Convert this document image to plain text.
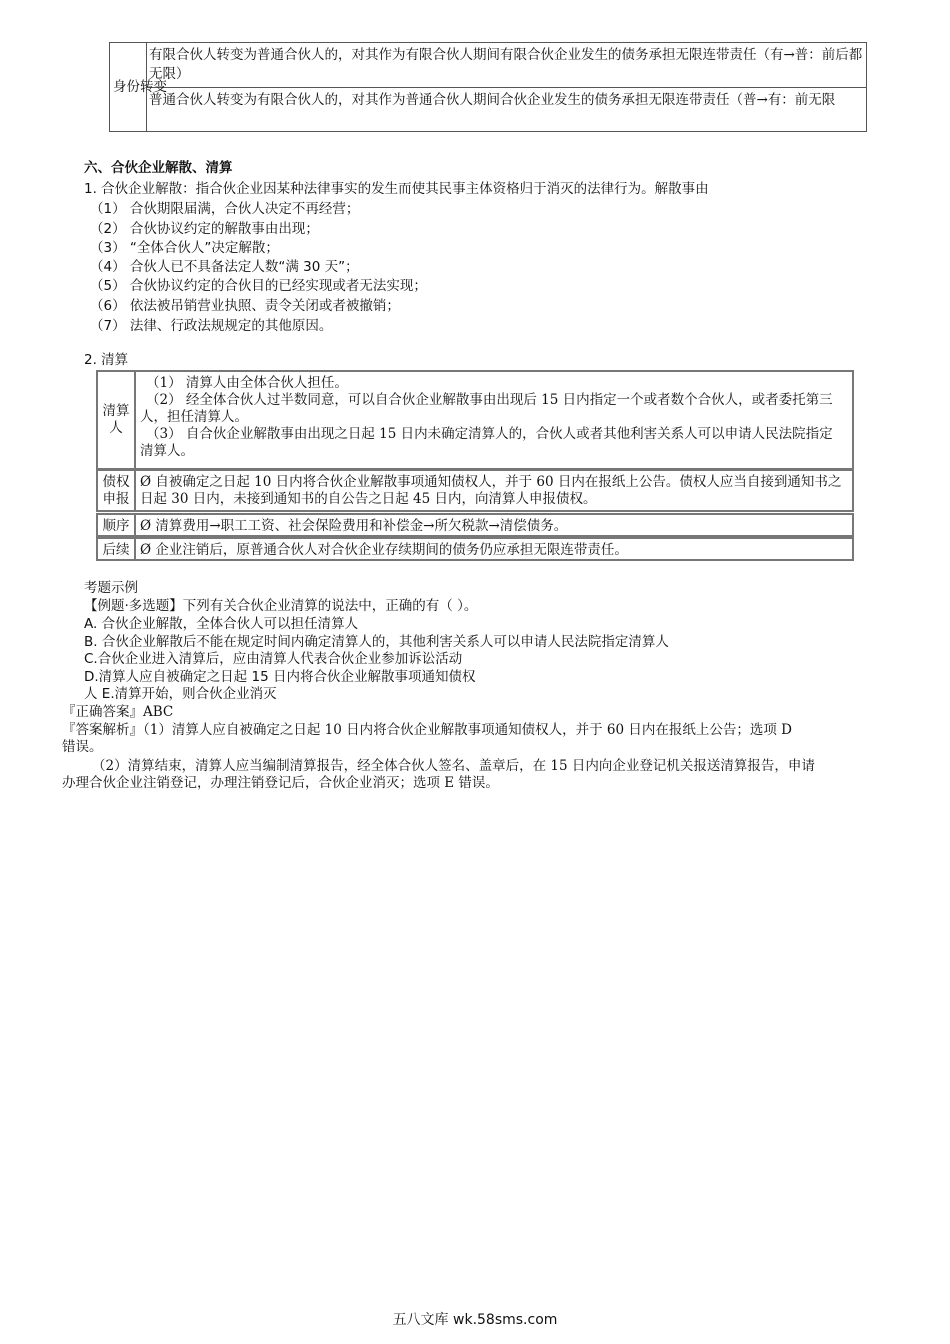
身份转变
有限合伙人转变为普通合伙人的，对其作为有限合伙人期间有限合伙企业发生的债务承担无限连带责任（有→普：前后都无限）
普通合伙人转变为有限合伙人的，对其作为普通合伙人期间合伙企业发生的债务承担无限连带责任（普→有：前无限
六、合伙企业解散、清算
1. 合伙企业解散：指合伙企业因某种法律事实的发生而使其民事主体资格归于消灭的法律行为。解散事由
（1） 合伙期限届满，合伙人决定不再经营；
（2） 合伙协议约定的解散事由出现；
（3） “全体合伙人”决定解散；
（4） 合伙人已不具备法定人数“满 30 天”；
（5） 合伙协议约定的合伙目的已经实现或者无法实现；
（6） 依法被吊销营业执照、责令关闭或者被撤销；
（7） 法律、行政法规规定的其他原因。
2. 清算
清算人

（1） 清算人由全体合伙人担任。

（2） 经全体合伙人过半数同意，可以自合伙企业解散事由出现后 15 日内指定一个或者数个合伙人，或者委托第三人，担任清算人。

（3） 自合伙企业解散事由出现之日起 15 日内未确定清算人的，合伙人或者其他利害关系人可以申请人民法院指定清算人。

债权申报

Ø 自被确定之日起 10 日内将合伙企业解散事项通知债权人，并于 60 日内在报纸上公告。债权人应当自接到通知书之日起 30 日内，未接到通知书的自公告之日起 45 日内，向清算人申报债权。

顺序 Ø 清算费用→职工工资、社会保险费用和补偿金→所欠税款→清偿债务。

后续 Ø 企业注销后，原普通合伙人对合伙企业存续期间的债务仍应承担无限连带责任。

考题示例
【例题·多选题】下列有关合伙企业清算的说法中，正确的有（ ）。
A. 合伙企业解散，全体合伙人可以担任清算人
B. 合伙企业解散后不能在规定时间内确定清算人的，其他利害关系人可以申请人民法院指定清算人
C.合伙企业进入清算后，应由清算人代表合伙企业参加诉讼活动
D.清算人应自被确定之日起 15 日内将合伙企业解散事项通知债权
人 E.清算开始，则合伙企业消灭
『正确答案』ABC
『答案解析』（1）清算人应自被确定之日起 10 日内将合伙企业解散事项通知债权人，并于 60 日内在报纸上公告；选项 D
错误。
（2）清算结束，清算人应当编制清算报告，经全体合伙人签名、盖章后，在 15 日内向企业登记机关报送清算报告，申请
办理合伙企业注销登记，办理注销登记后，合伙企业消灭；选项 E 错误。
五八文库 wk.58sms.com
